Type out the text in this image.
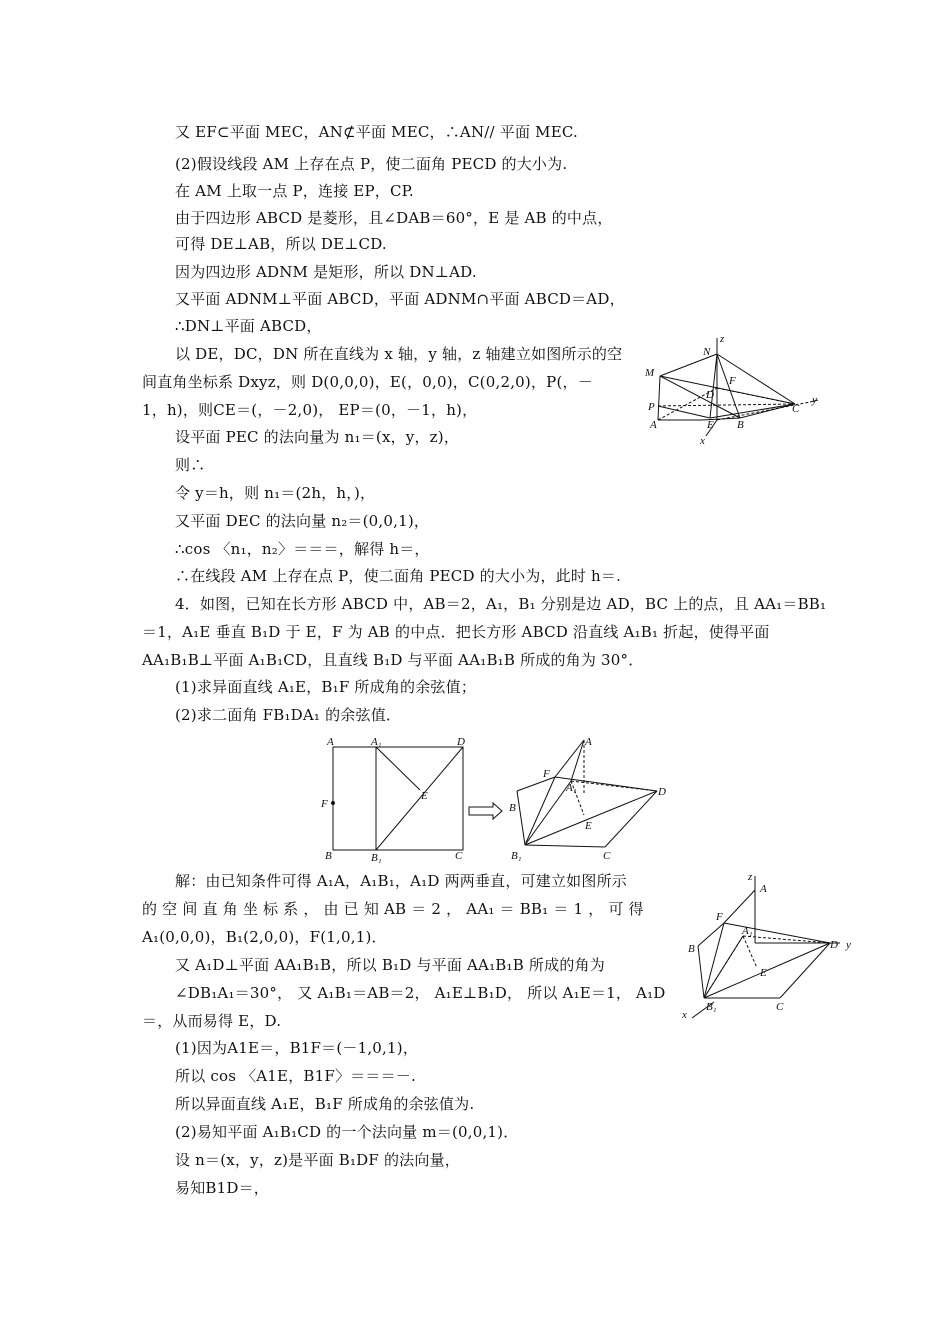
又 EF⊂平面 MEC，AN⊄平面 MEC，∴AN// 平面 MEC.
(2)假设线段 AM 上存在点 P，使二面角 PECD 的大小为.
在 AM 上取一点 P，连接 EP，CP.
由于四边形 ABCD 是菱形，且∠DAB＝60°，E 是 AB 的中点，
可得 DE⊥AB，所以 DE⊥CD.
因为四边形 ADNM 是矩形，所以 DN⊥AD.
又平面 ADNM⊥平面 ABCD，平面 ADNM∩平面 ABCD＝AD，
∴DN⊥平面 ABCD，
以 DE，DC，DN 所在直线为 x 轴，y 轴，z 轴建立如图所示的空
间直角坐标系 Dxyz，则 D(0,0,0)，E(，0,0)，C(0,2,0)，P(，－
1，h)，则CE＝(，－2,0)， EP＝(0，－1，h)，
设平面 PEC 的法向量为 n₁＝(x，y，z)，
则∴
令 y＝h，则 n₁＝(2h，h，)，
又平面 DEC 的法向量 n₂＝(0,0,1)，
∴cos 〈n₁，n₂〉＝＝＝，解得 h＝，
∴在线段 AM 上存在点 P，使二面角 PECD 的大小为，此时 h＝.
4．如图，已知在长方形 ABCD 中，AB＝2，A₁，B₁ 分别是边 AD，BC 上的点，且 AA₁＝BB₁
＝1，A₁E 垂直 B₁D 于 E，F 为 AB 的中点．把长方形 ABCD 沿直线 A₁B₁ 折起，使得平面
AA₁B₁B⊥平面 A₁B₁CD，且直线 B₁D 与平面 AA₁B₁B 所成的角为 30°．
(1)求异面直线 A₁E，B₁F 所成角的余弦值；
(2)求二面角 FB₁DA₁ 的余弦值．
解：由已知条件可得 A₁A，A₁B₁，A₁D 两两垂直，可建立如图所示
的 空 间 直 角 坐 标 系 ， 由 已 知 AB ＝ 2 ， AA₁ ＝ BB₁ ＝ 1 ， 可 得
A₁(0,0,0)，B₁(2,0,0)，F(1,0,1)．
又 A₁D⊥平面 AA₁B₁B，所以 B₁D 与平面 AA₁B₁B 所成的角为
∠DB₁A₁＝30°， 又 A₁B₁＝AB＝2， A₁E⊥B₁D， 所以 A₁E＝1， A₁D
＝，从而易得 E，D.
(1)因为A1E＝，B1F＝(－1,0,1)，
所以 cos 〈A1E，B1F〉＝＝＝－.
所以异面直线 A₁E，B₁F 所成角的余弦值为.
(2)易知平面 A₁B₁CD 的一个法向量 m＝(0,0,1)．
设 n＝(x，y，z)是平面 B₁DF 的法向量，
易知B1D＝，
z
N
M
F
D
P
A	E B
C
y
x
A	A₁	D
F
E
B	B₁	C
A
F
A₁	D
B
E
B₁	C
z
A
F
A₁
D y
B
E
B₁
x
C
